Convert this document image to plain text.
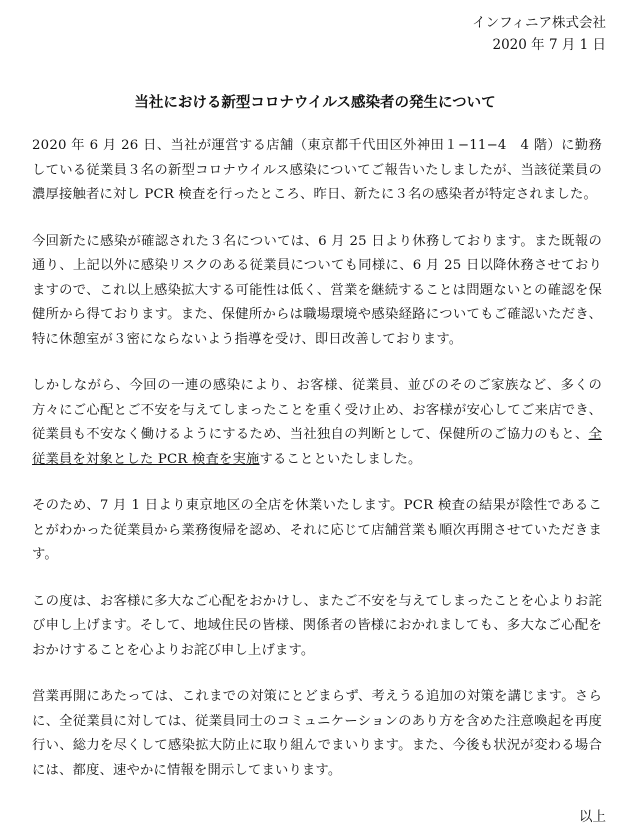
インフィニア株式会社
2020 年 7 月 1 日
当社における新型コロナウイルス感染者の発生について

2020 年 6 月 26 日、当社が運営する店舗（東京都千代田区外神田１−11−4　4 階）に勤務している従業員３名の新型コロナウイルス感染についてご報告いたしましたが、当該従業員の濃厚接触者に対し PCR 検査を行ったところ、昨日、新たに３名の感染者が特定されました。

今回新たに感染が確認された３名については、6 月 25 日より休務しております。また既報の通り、上記以外に感染リスクのある従業員についても同様に、6 月 25 日以降休務させておりますので、これ以上感染拡大する可能性は低く、営業を継続することは問題ないとの確認を保健所から得ております。また、保健所からは職場環境や感染経路についてもご確認いただき、特に休憩室が３密にならないよう指導を受け、即日改善しております。

しかしながら、今回の一連の感染により、お客様、従業員、並びのそのご家族など、多くの方々にご心配とご不安を与えてしまったことを重く受け止め、お客様が安心してご来店でき、従業員も不安なく働けるようにするため、当社独自の判断として、保健所のご協力のもと、全従業員を対象とした PCR 検査を実施することといたしました。

そのため、7 月 1 日より東京地区の全店を休業いたします。PCR 検査の結果が陰性であることがわかった従業員から業務復帰を認め、それに応じて店舗営業も順次再開させていただきます。

この度は、お客様に多大なご心配をおかけし、またご不安を与えてしまったことを心よりお詫び申し上げます。そして、地域住民の皆様、関係者の皆様におかれましても、多大なご心配をおかけすることを心よりお詫び申し上げます。

営業再開にあたっては、これまでの対策にとどまらず、考えうる追加の対策を講じます。さらに、全従業員に対しては、従業員同士のコミュニケーションのあり方を含めた注意喚起を再度行い、総力を尽くして感染拡大防止に取り組んでまいります。また、今後も状況が変わる場合には、都度、速やかに情報を開示してまいります。

以上
